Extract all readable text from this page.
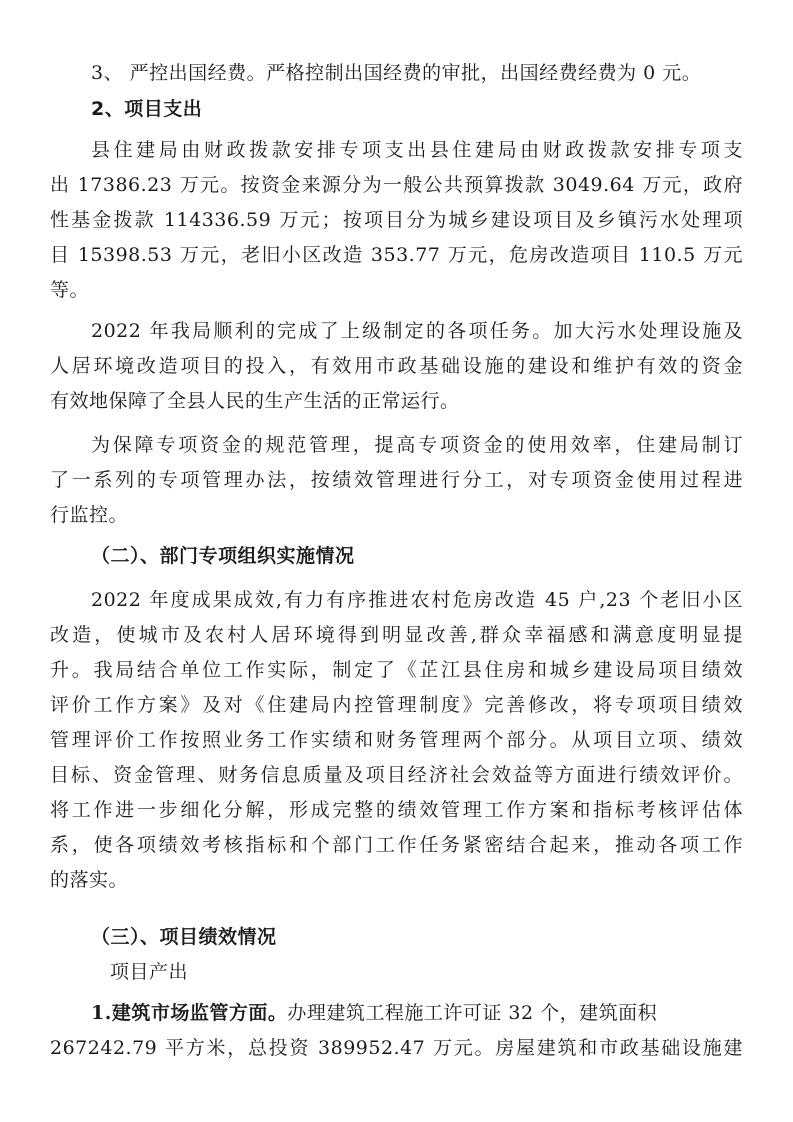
3、 严控出国经费。严格控制出国经费的审批，出国经费经费为 0 元。
2、项目支出
县住建局由财政拨款安排专项支出县住建局由财政拨款安排专项支
出 17386.23 万元。按资金来源分为一般公共预算拨款 3049.64 万元，政府
性基金拨款 114336.59 万元；按项目分为城乡建设项目及乡镇污水处理项
目 15398.53 万元，老旧小区改造 353.77 万元，危房改造项目 110.5 万元
等。
2022 年我局顺利的完成了上级制定的各项任务。加大污水处理设施及
人居环境改造项目的投入，有效用市政基础设施的建设和维护有效的资金
有效地保障了全县人民的生产生活的正常运行。
为保障专项资金的规范管理，提高专项资金的使用效率，住建局制订
了一系列的专项管理办法，按绩效管理进行分工，对专项资金使用过程进
行监控。
（二）、部门专项组织实施情况
2022 年度成果成效,有力有序推进农村危房改造 45 户,23 个老旧小区
改造，使城市及农村人居环境得到明显改善,群众幸福感和满意度明显提
升。我局结合单位工作实际，制定了《芷江县住房和城乡建设局项目绩效
评价工作方案》及对《住建局内控管理制度》完善修改，将专项项目绩效
管理评价工作按照业务工作实绩和财务管理两个部分。从项目立项、绩效
目标、资金管理、财务信息质量及项目经济社会效益等方面进行绩效评价。
将工作进一步细化分解，形成完整的绩效管理工作方案和指标考核评估体
系，使各项绩效考核指标和个部门工作任务紧密结合起来，推动各项工作
的落实。
（三）、项目绩效情况
项目产出
1.建筑市场监管方面。办理建筑工程施工许可证 32 个，建筑面积
267242.79 平方米，总投资 389952.47 万元。房屋建筑和市政基础设施建
